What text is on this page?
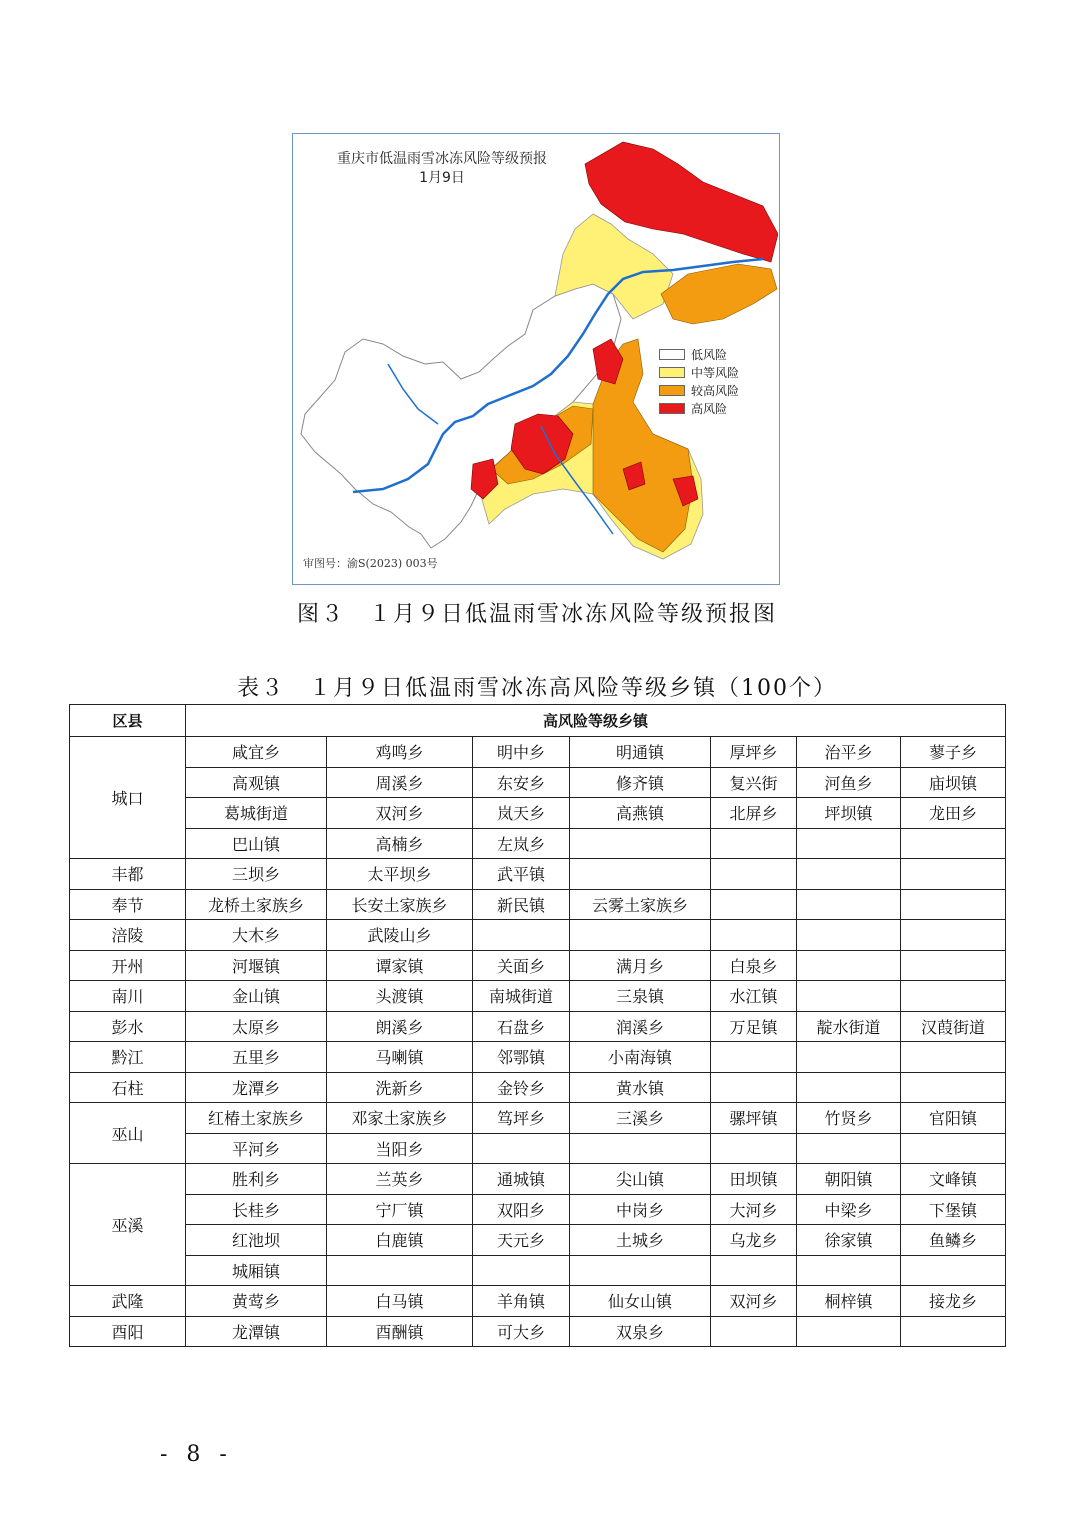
重庆市低温雨雪冰冻风险等级预报
1月9日
低风险
中等风险
较高风险
高风险
审图号：渝S(2023) 003号
图３　１月９日低温雨雪冰冻风险等级预报图
表３　１月９日低温雨雪冰冻高风险等级乡镇（100个）
区县	高风险等级乡镇						
城口	咸宜乡	鸡鸣乡	明中乡	明通镇	厚坪乡	治平乡	蓼子乡
	高观镇	周溪乡	东安乡	修齐镇	复兴街	河鱼乡	庙坝镇
	葛城街道	双河乡	岚天乡	高燕镇	北屏乡	坪坝镇	龙田乡
	巴山镇	高楠乡	左岚乡				
丰都	三坝乡	太平坝乡	武平镇				
奉节	龙桥土家族乡	长安土家族乡	新民镇	云雾土家族乡			
涪陵	大木乡	武陵山乡					
开州	河堰镇	谭家镇	关面乡	满月乡	白泉乡		
南川	金山镇	头渡镇	南城街道	三泉镇	水江镇		
彭水	太原乡	朗溪乡	石盘乡	润溪乡	万足镇	靛水街道	汉葭街道
黔江	五里乡	马喇镇	邻鄂镇	小南海镇			
石柱	龙潭乡	洗新乡	金铃乡	黄水镇			
巫山	红椿土家族乡	邓家土家族乡	笃坪乡	三溪乡	骡坪镇	竹贤乡	官阳镇
	平河乡	当阳乡					
巫溪	胜利乡	兰英乡	通城镇	尖山镇	田坝镇	朝阳镇	文峰镇
	长桂乡	宁厂镇	双阳乡	中岗乡	大河乡	中梁乡	下堡镇
	红池坝	白鹿镇	天元乡	土城乡	乌龙乡	徐家镇	鱼鳞乡
	城厢镇						
武隆	黄莺乡	白马镇	羊角镇	仙女山镇	双河乡	桐梓镇	接龙乡
酉阳	龙潭镇	酉酬镇	可大乡	双泉乡			
- 8 -
